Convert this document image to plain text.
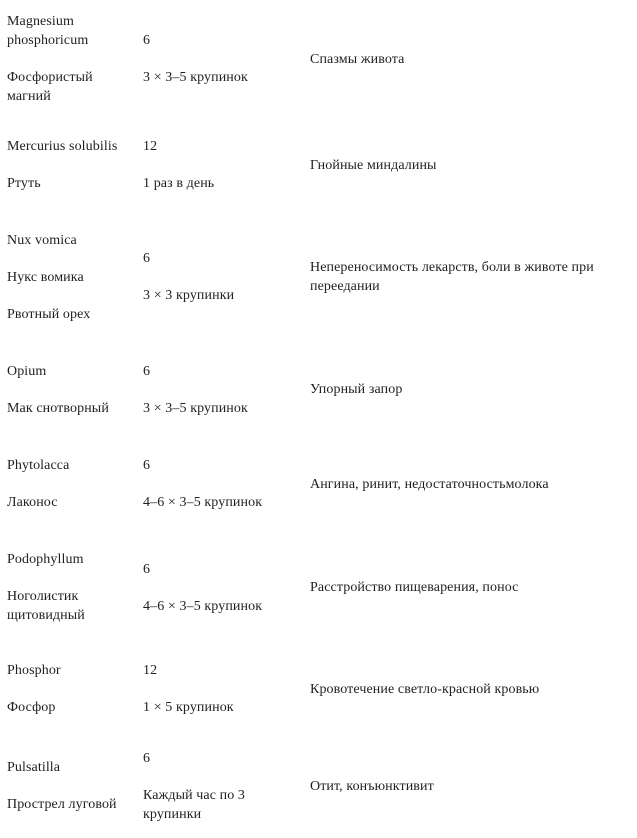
Magnesium phosphoricum
Фосфористый магний
6
3 × 3–5 крупинок
Спазмы живота
Mercurius solubilis
Ртуть
12
1 раз в день
Гнойные миндалины
Nux vomica
Нукс вомика
Рвотный орех
6
3 × 3 крупинки
Непереносимость лекарств, боли в животе при переедании
Opium
Мак снотворный
6
3 × 3–5 крупинок
Упорный запор
Phytolacca
Лаконос
6
4–6 × 3–5 крупинок
Ангина, ринит, недостаточностьмолока
Podophyllum
Ноголистик щитовидный
6
4–6 × 3–5 крупинок
Расстройство пищеварения, понос
Phosphor
Фосфор
12
1 × 5 крупинок
Кровотечение светло-красной кровью
Pulsatilla
Прострел луговой
6
Каждый час по 3 крупинки
Отит, конъюнктивит
